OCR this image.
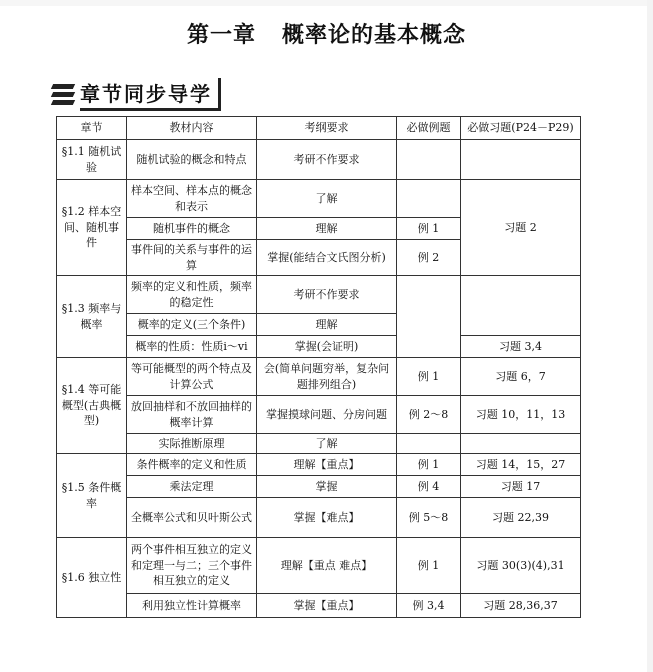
第一章 概率论的基本概念
章节同步导学
章节	教材内容	考纲要求	必做例题	必做习题(P24－P29)
§1.1 随机试验	随机试验的概念和特点	考研不作要求		
§1.2 样本空间、随机事件	样本空间、样本点的概念和表示	了解		习题 2
	随机事件的概念	理解	例 1	
	事件间的关系与事件的运算	掌握(能结合文氏图分析)	例 2	
§1.3 频率与概率	频率的定义和性质，频率的稳定性	考研不作要求		
	概率的定义(三个条件)	理解		
	概率的性质：性质ⅰ～ⅵ	掌握(会证明)		习题 3,4
§1.4 等可能概型(古典概型)	等可能概型的两个特点及计算公式	会(简单问题穷举，复杂问题排列组合)	例 1	习题 6，7
	放回抽样和不放回抽样的概率计算	掌握摸球问题、分房问题	例 2～8	习题 10，11，13
	实际推断原理	了解		
§1.5 条件概率	条件概率的定义和性质	理解【重点】	例 1	习题 14，15，27
	乘法定理	掌握	例 4	习题 17
	全概率公式和贝叶斯公式	掌握【难点】	例 5～8	习题 22,39
§1.6 独立性	两个事件相互独立的定义和定理一与二；三个事件相互独立的定义	理解【重点 难点】	例 1	习题 30(3)(4),31
	利用独立性计算概率	掌握【重点】	例 3,4	习题 28,36,37
